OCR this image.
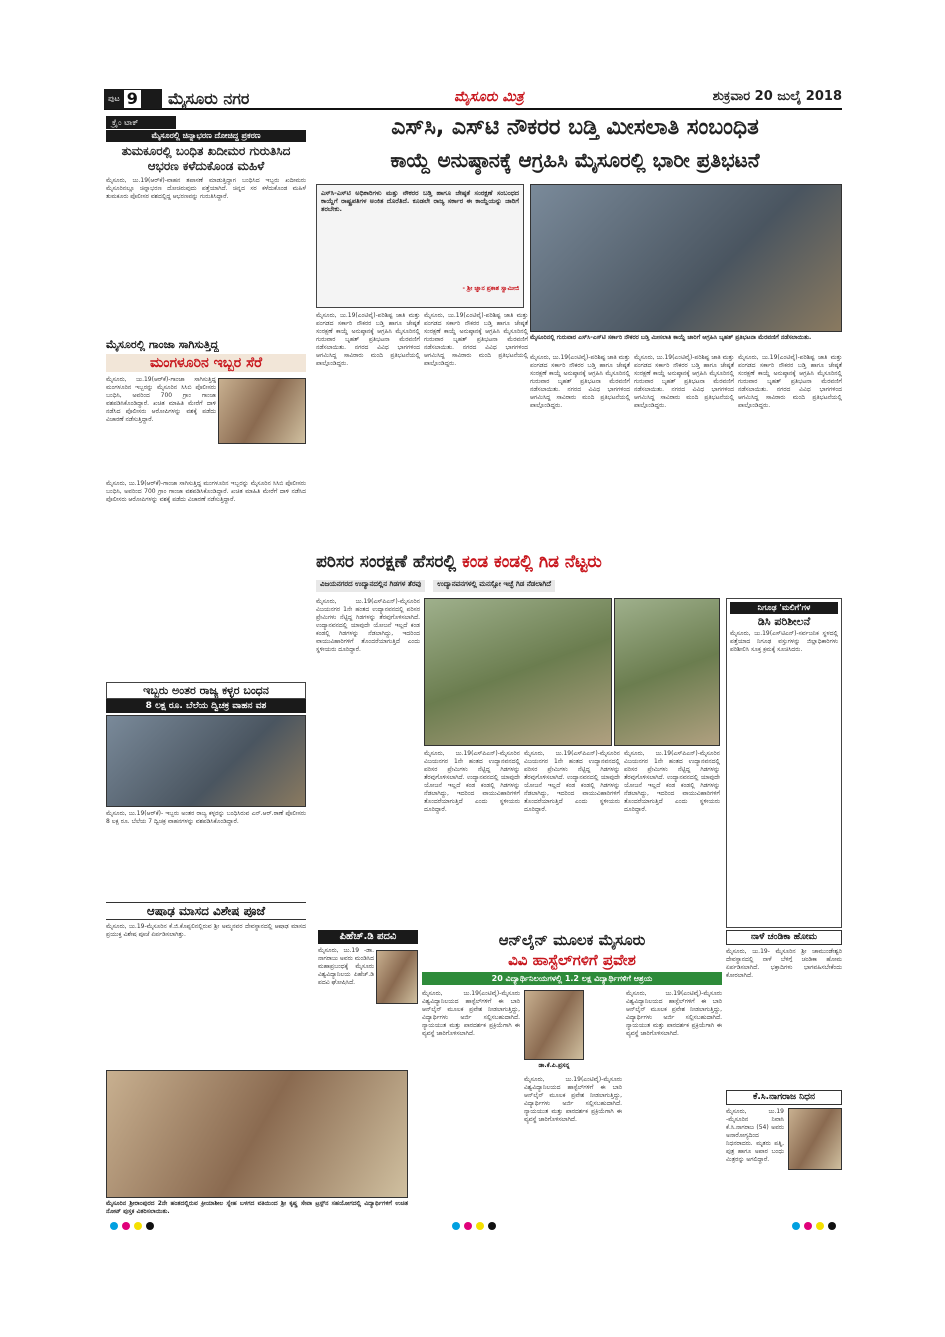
ಪುಟ 9 ಮೈಸೂರು ನಗರ	ಮೈಸೂರು ಮಿತ್ರ	ಶುಕ್ರವಾರ 20 ಜುಲೈ 2018
ಕ್ರೈಂ ಟಾಕ್
ಮೈಸೂರಲ್ಲಿ ಚಿನ್ನಾಭರಣ ದೋಚಿದ್ದ ಪ್ರಕರಣ
ತುಮಕೂರಲ್ಲಿ ಬಂಧಿತ ಖದೀಮರ ಗುರುತಿಸಿದ ಆಭರಣ ಕಳೆದುಕೊಂಡ ಮಹಿಳೆ
ಮೈಸೂರು, ಜು.19(ಆರ್‌ಕೆ)-ವಾಹನ ತಪಾಸಣೆ ಮಾಡುತ್ತಿದ್ದಾಗ ಬಂಧಿಸಿದ ಇಬ್ಬರು ಖದೀಮರು ಮೈಸೂರಿನಲ್ಲೂ ಚಿನ್ನಾಭರಣ ದೋಚಿರುವುದು ಪತ್ತೆಯಾಗಿದೆ. ಚಿನ್ನದ ಸರ ಕಳೆದುಕೊಂಡ ಮಹಿಳೆ ತುಮಕೂರು ಪೊಲೀಸರ ವಶದಲ್ಲಿದ್ದ ಆಭರಣವನ್ನು ಗುರುತಿಸಿದ್ದಾರೆ.
ಮೈಸೂರಲ್ಲಿ ಗಾಂಜಾ ಸಾಗಿಸುತ್ತಿದ್ದ
ಮಂಗಳೂರಿನ ಇಬ್ಬರ ಸೆರೆ
ಮೈಸೂರು, ಜು.19(ಆರ್‌ಕೆ)-ಗಾಂಜಾ ಸಾಗಿಸುತ್ತಿದ್ದ ಮಂಗಳೂರಿನ ಇಬ್ಬರನ್ನು ಮೈಸೂರಿನ ಸಿಸಿಬಿ ಪೊಲೀಸರು ಬಂಧಿಸಿ, ಅವರಿಂದ 700 ಗ್ರಾಂ ಗಾಂಜಾ ವಶಪಡಿಸಿಕೊಂಡಿದ್ದಾರೆ. ಖಚಿತ ಮಾಹಿತಿ ಮೇರೆಗೆ ದಾಳಿ ನಡೆಸಿದ ಪೊಲೀಸರು ಆರೋಪಿಗಳನ್ನು ವಶಕ್ಕೆ ಪಡೆದು ವಿಚಾರಣೆ ನಡೆಸುತ್ತಿದ್ದಾರೆ.
ಮೈಸೂರು, ಜು.19(ಆರ್‌ಕೆ)-ಗಾಂಜಾ ಸಾಗಿಸುತ್ತಿದ್ದ ಮಂಗಳೂರಿನ ಇಬ್ಬರನ್ನು ಮೈಸೂರಿನ ಸಿಸಿಬಿ ಪೊಲೀಸರು ಬಂಧಿಸಿ, ಅವರಿಂದ 700 ಗ್ರಾಂ ಗಾಂಜಾ ವಶಪಡಿಸಿಕೊಂಡಿದ್ದಾರೆ. ಖಚಿತ ಮಾಹಿತಿ ಮೇರೆಗೆ ದಾಳಿ ನಡೆಸಿದ ಪೊಲೀಸರು ಆರೋಪಿಗಳನ್ನು ವಶಕ್ಕೆ ಪಡೆದು ವಿಚಾರಣೆ ನಡೆಸುತ್ತಿದ್ದಾರೆ.
ಇಬ್ಬರು ಅಂತರ ರಾಜ್ಯ ಕಳ್ಳರ ಬಂಧನ
8 ಲಕ್ಷ ರೂ. ಬೆಲೆಯ ದ್ವಿಚಕ್ರ ವಾಹನ ವಶ
ಮೈಸೂರು, ಜು.19(ಆರ್‌ಕೆ)- ಇಬ್ಬರು ಅಂತರ ರಾಜ್ಯ ಕಳ್ಳರನ್ನು ಬಂಧಿಸಿರುವ ಎನ್.ಆರ್.ಠಾಣೆ ಪೊಲೀಸರು 8 ಲಕ್ಷ ರೂ. ಬೆಲೆಯ 7 ದ್ವಿಚಕ್ರ ವಾಹನಗಳನ್ನು ವಶಪಡಿಸಿಕೊಂಡಿದ್ದಾರೆ.
ಆಷಾಢ ಮಾಸದ ವಿಶೇಷ ಪೂಜೆ
ಮೈಸೂರು, ಜು.19-ಮೈಸೂರಿನ ಕೆ.ಜಿ.ಕೊಪ್ಪಲಿನಲ್ಲಿರುವ ಶ್ರೀ ಅಮ್ಮನವರ ದೇವಸ್ಥಾನದಲ್ಲಿ ಆಷಾಢ ಮಾಸದ ಪ್ರಯುಕ್ತ ವಿಶೇಷ ಪೂಜೆ ಏರ್ಪಡಿಸಲಾಗಿತ್ತು.
ಮೈಸೂರಿನ ಶ್ರೀರಾಂಪುರದ 2ನೇ ಹಂತದಲ್ಲಿರುವ ಕ್ರೀಯಾಶೀಲ ಸ್ನೇಹ ಬಳಗದ ವತಿಯಿಂದ ಶ್ರೀ ಕೃಷ್ಣ ಸೇವಾ ಟ್ರಸ್ಟ್‌ನ ಸಹಯೋಗದಲ್ಲಿ ವಿದ್ಯಾರ್ಥಿಗಳಿಗೆ ಉಚಿತ ನೋಟ್ ಪುಸ್ತಕ ವಿತರಿಸಲಾಯಿತು.
ಎಸ್‌ಸಿ, ಎಸ್‌ಟಿ ನೌಕರರ ಬಡ್ತಿ ಮೀಸಲಾತಿ ಸಂಬಂಧಿತ
ಕಾಯ್ದೆ ಅನುಷ್ಠಾನಕ್ಕೆ ಆಗ್ರಹಿಸಿ ಮೈಸೂರಲ್ಲಿ ಭಾರೀ ಪ್ರತಿಭಟನೆ
ಎಸ್‌ಸಿ-ಎಸ್‌ಟಿ ಅಧಿಕಾರಿಗಳು ಮತ್ತು ನೌಕರರ ಬಡ್ತಿ ಹಾಗೂ ಜೇಷ್ಠತೆ ಸಂರಕ್ಷಣೆ ಸಂಬಂಧದ ಕಾಯ್ದೆಗೆ ರಾಷ್ಟ್ರಪತಿಗಳ ಅಂಕಿತ ದೊರೆತಿದೆ. ಕೂಡಲೇ ರಾಜ್ಯ ಸರ್ಕಾರ ಈ ಕಾಯ್ದೆಯನ್ನು ಜಾರಿಗೆ ತರಬೇಕು.
- ಶ್ರೀ ಜ್ಞಾನ ಪ್ರಕಾಶ ಸ್ವಾಮೀಜಿ
ಮೈಸೂರಿನಲ್ಲಿ ಗುರುವಾರ ಎಸ್‌ಸಿ-ಎಸ್‌ಟಿ ಸರ್ಕಾರಿ ನೌಕರರ ಬಡ್ತಿ ಮೀಸಲಾತಿ ಕಾಯ್ದೆ ಜಾರಿಗೆ ಆಗ್ರಹಿಸಿ ಬೃಹತ್ ಪ್ರತಿಭಟನಾ ಮೆರವಣಿಗೆ ನಡೆಸಲಾಯಿತು.
ಮೈಸೂರು, ಜು.19(ಎಂಟಿವೈ)-ಪರಿಶಿಷ್ಟ ಜಾತಿ ಮತ್ತು ಪಂಗಡದ ಸರ್ಕಾರಿ ನೌಕರರ ಬಡ್ತಿ ಹಾಗೂ ಜೇಷ್ಠತೆ ಸಂರಕ್ಷಣೆ ಕಾಯ್ದೆ ಅನುಷ್ಠಾನಕ್ಕೆ ಆಗ್ರಹಿಸಿ ಮೈಸೂರಿನಲ್ಲಿ ಗುರುವಾರ ಬೃಹತ್ ಪ್ರತಿಭಟನಾ ಮೆರವಣಿಗೆ ನಡೆಸಲಾಯಿತು. ನಗರದ ವಿವಿಧ ಭಾಗಗಳಿಂದ ಆಗಮಿಸಿದ್ದ ಸಾವಿರಾರು ಮಂದಿ ಪ್ರತಿಭಟನೆಯಲ್ಲಿ ಪಾಲ್ಗೊಂಡಿದ್ದರು.
ಮೈಸೂರು, ಜು.19(ಎಂಟಿವೈ)-ಪರಿಶಿಷ್ಟ ಜಾತಿ ಮತ್ತು ಪಂಗಡದ ಸರ್ಕಾರಿ ನೌಕರರ ಬಡ್ತಿ ಹಾಗೂ ಜೇಷ್ಠತೆ ಸಂರಕ್ಷಣೆ ಕಾಯ್ದೆ ಅನುಷ್ಠಾನಕ್ಕೆ ಆಗ್ರಹಿಸಿ ಮೈಸೂರಿನಲ್ಲಿ ಗುರುವಾರ ಬೃಹತ್ ಪ್ರತಿಭಟನಾ ಮೆರವಣಿಗೆ ನಡೆಸಲಾಯಿತು. ನಗರದ ವಿವಿಧ ಭಾಗಗಳಿಂದ ಆಗಮಿಸಿದ್ದ ಸಾವಿರಾರು ಮಂದಿ ಪ್ರತಿಭಟನೆಯಲ್ಲಿ ಪಾಲ್ಗೊಂಡಿದ್ದರು.
ಮೈಸೂರು, ಜು.19(ಎಂಟಿವೈ)-ಪರಿಶಿಷ್ಟ ಜಾತಿ ಮತ್ತು ಪಂಗಡದ ಸರ್ಕಾರಿ ನೌಕರರ ಬಡ್ತಿ ಹಾಗೂ ಜೇಷ್ಠತೆ ಸಂರಕ್ಷಣೆ ಕಾಯ್ದೆ ಅನುಷ್ಠಾನಕ್ಕೆ ಆಗ್ರಹಿಸಿ ಮೈಸೂರಿನಲ್ಲಿ ಗುರುವಾರ ಬೃಹತ್ ಪ್ರತಿಭಟನಾ ಮೆರವಣಿಗೆ ನಡೆಸಲಾಯಿತು. ನಗರದ ವಿವಿಧ ಭಾಗಗಳಿಂದ ಆಗಮಿಸಿದ್ದ ಸಾವಿರಾರು ಮಂದಿ ಪ್ರತಿಭಟನೆಯಲ್ಲಿ ಪಾಲ್ಗೊಂಡಿದ್ದರು.
ಮೈಸೂರು, ಜು.19(ಎಂಟಿವೈ)-ಪರಿಶಿಷ್ಟ ಜಾತಿ ಮತ್ತು ಪಂಗಡದ ಸರ್ಕಾರಿ ನೌಕರರ ಬಡ್ತಿ ಹಾಗೂ ಜೇಷ್ಠತೆ ಸಂರಕ್ಷಣೆ ಕಾಯ್ದೆ ಅನುಷ್ಠಾನಕ್ಕೆ ಆಗ್ರಹಿಸಿ ಮೈಸೂರಿನಲ್ಲಿ ಗುರುವಾರ ಬೃಹತ್ ಪ್ರತಿಭಟನಾ ಮೆರವಣಿಗೆ ನಡೆಸಲಾಯಿತು. ನಗರದ ವಿವಿಧ ಭಾಗಗಳಿಂದ ಆಗಮಿಸಿದ್ದ ಸಾವಿರಾರು ಮಂದಿ ಪ್ರತಿಭಟನೆಯಲ್ಲಿ ಪಾಲ್ಗೊಂಡಿದ್ದರು.
ಮೈಸೂರು, ಜು.19(ಎಂಟಿವೈ)-ಪರಿಶಿಷ್ಟ ಜಾತಿ ಮತ್ತು ಪಂಗಡದ ಸರ್ಕಾರಿ ನೌಕರರ ಬಡ್ತಿ ಹಾಗೂ ಜೇಷ್ಠತೆ ಸಂರಕ್ಷಣೆ ಕಾಯ್ದೆ ಅನುಷ್ಠಾನಕ್ಕೆ ಆಗ್ರಹಿಸಿ ಮೈಸೂರಿನಲ್ಲಿ ಗುರುವಾರ ಬೃಹತ್ ಪ್ರತಿಭಟನಾ ಮೆರವಣಿಗೆ ನಡೆಸಲಾಯಿತು. ನಗರದ ವಿವಿಧ ಭಾಗಗಳಿಂದ ಆಗಮಿಸಿದ್ದ ಸಾವಿರಾರು ಮಂದಿ ಪ್ರತಿಭಟನೆಯಲ್ಲಿ ಪಾಲ್ಗೊಂಡಿದ್ದರು.
ಪರಿಸರ ಸಂರಕ್ಷಣೆ ಹೆಸರಲ್ಲಿ ಕಂಡ ಕಂಡಲ್ಲಿ ಗಿಡ ನೆಟ್ಟರು
ವಿಜಯನಗರದ ಉದ್ಯಾನದಲ್ಲಿನ ಗಿಡಗಳ ತೆರವು	ಉದ್ಯಾನವನಗಳಲ್ಲಿ ಮನಸ್ಸೋ ಇಚ್ಛೆ ಗಿಡ ನೆಡಲಾಗಿದೆ
ಮೈಸೂರು, ಜು.19(ಎಸ್‌ಪಿಎನ್)-ಮೈಸೂರಿನ ವಿಜಯನಗರ 1ನೇ ಹಂತದ ಉದ್ಯಾನವನದಲ್ಲಿ ಪರಿಸರ ಪ್ರೇಮಿಗಳು ನೆಟ್ಟಿದ್ದ ಗಿಡಗಳನ್ನು ತೆರವುಗೊಳಿಸಲಾಗಿದೆ. ಉದ್ಯಾನವನದಲ್ಲಿ ಯಾವುದೇ ಯೋಜನೆ ಇಲ್ಲದೆ ಕಂಡ ಕಂಡಲ್ಲಿ ಗಿಡಗಳನ್ನು ನೆಡಲಾಗಿದ್ದು, ಇದರಿಂದ ವಾಯುವಿಹಾರಿಗಳಿಗೆ ತೊಂದರೆಯಾಗುತ್ತಿದೆ ಎಂದು ಸ್ಥಳೀಯರು ದೂರಿದ್ದಾರೆ.
ಮೈಸೂರು, ಜು.19(ಎಸ್‌ಪಿಎನ್)-ಮೈಸೂರಿನ ವಿಜಯನಗರ 1ನೇ ಹಂತದ ಉದ್ಯಾನವನದಲ್ಲಿ ಪರಿಸರ ಪ್ರೇಮಿಗಳು ನೆಟ್ಟಿದ್ದ ಗಿಡಗಳನ್ನು ತೆರವುಗೊಳಿಸಲಾಗಿದೆ. ಉದ್ಯಾನವನದಲ್ಲಿ ಯಾವುದೇ ಯೋಜನೆ ಇಲ್ಲದೆ ಕಂಡ ಕಂಡಲ್ಲಿ ಗಿಡಗಳನ್ನು ನೆಡಲಾಗಿದ್ದು, ಇದರಿಂದ ವಾಯುವಿಹಾರಿಗಳಿಗೆ ತೊಂದರೆಯಾಗುತ್ತಿದೆ ಎಂದು ಸ್ಥಳೀಯರು ದೂರಿದ್ದಾರೆ.
ಮೈಸೂರು, ಜು.19(ಎಸ್‌ಪಿಎನ್)-ಮೈಸೂರಿನ ವಿಜಯನಗರ 1ನೇ ಹಂತದ ಉದ್ಯಾನವನದಲ್ಲಿ ಪರಿಸರ ಪ್ರೇಮಿಗಳು ನೆಟ್ಟಿದ್ದ ಗಿಡಗಳನ್ನು ತೆರವುಗೊಳಿಸಲಾಗಿದೆ. ಉದ್ಯಾನವನದಲ್ಲಿ ಯಾವುದೇ ಯೋಜನೆ ಇಲ್ಲದೆ ಕಂಡ ಕಂಡಲ್ಲಿ ಗಿಡಗಳನ್ನು ನೆಡಲಾಗಿದ್ದು, ಇದರಿಂದ ವಾಯುವಿಹಾರಿಗಳಿಗೆ ತೊಂದರೆಯಾಗುತ್ತಿದೆ ಎಂದು ಸ್ಥಳೀಯರು ದೂರಿದ್ದಾರೆ.
ಮೈಸೂರು, ಜು.19(ಎಸ್‌ಪಿಎನ್)-ಮೈಸೂರಿನ ವಿಜಯನಗರ 1ನೇ ಹಂತದ ಉದ್ಯಾನವನದಲ್ಲಿ ಪರಿಸರ ಪ್ರೇಮಿಗಳು ನೆಟ್ಟಿದ್ದ ಗಿಡಗಳನ್ನು ತೆರವುಗೊಳಿಸಲಾಗಿದೆ. ಉದ್ಯಾನವನದಲ್ಲಿ ಯಾವುದೇ ಯೋಜನೆ ಇಲ್ಲದೆ ಕಂಡ ಕಂಡಲ್ಲಿ ಗಿಡಗಳನ್ನು ನೆಡಲಾಗಿದ್ದು, ಇದರಿಂದ ವಾಯುವಿಹಾರಿಗಳಿಗೆ ತೊಂದರೆಯಾಗುತ್ತಿದೆ ಎಂದು ಸ್ಥಳೀಯರು ದೂರಿದ್ದಾರೆ.
ನಿಗೂಢ 'ಮಲಿಗೆ'ಗಳ
ಡಿಸಿ ಪರಿಶೀಲನೆ
ಮೈಸೂರು, ಜು.19(ಎಸ್‌ಟಿಎನ್)-ಸರ್ವಜನಿಕ ಸ್ಥಳದಲ್ಲಿ ಪತ್ತೆಯಾದ ನಿಗೂಢ ವಸ್ತುಗಳನ್ನು ಜಿಲ್ಲಾಧಿಕಾರಿಗಳು ಪರಿಶೀಲಿಸಿ ಸೂಕ್ತ ಕ್ರಮಕ್ಕೆ ಸೂಚಿಸಿದರು.
ಪಿಹೆಚ್.ಡಿ ಪದವಿ
ಮೈಸೂರು, ಜು.19 -ಡಾ. ನಾಗರಾಜು ಅವರು ಮಂಡಿಸಿದ ಮಹಾಪ್ರಬಂಧಕ್ಕೆ ಮೈಸೂರು ವಿಶ್ವವಿದ್ಯಾನಿಲಯ ಪಿಹೆಚ್.ಡಿ ಪದವಿ ಘೋಷಿಸಿದೆ.
ಆನ್‌ಲೈನ್ ಮೂಲಕ ಮೈಸೂರು
ವಿವಿ ಹಾಸ್ಟೆಲ್‌ಗಳಿಗೆ ಪ್ರವೇಶ
20 ವಿದ್ಯಾರ್ಥಿನಿಲಯಗಳಲ್ಲಿ 1.2 ಲಕ್ಷ ವಿದ್ಯಾರ್ಥಿಗಳಿಗೆ ಆಶ್ರಯ
ಮೈಸೂರು, ಜು.19(ಎಂಟಿವೈ)-ಮೈಸೂರು ವಿಶ್ವವಿದ್ಯಾನಿಲಯದ ಹಾಸ್ಟೆಲ್‌ಗಳಿಗೆ ಈ ಬಾರಿ ಆನ್‌ಲೈನ್ ಮೂಲಕ ಪ್ರವೇಶ ನೀಡಲಾಗುತ್ತಿದ್ದು, ವಿದ್ಯಾರ್ಥಿಗಳು ಅರ್ಜಿ ಸಲ್ಲಿಸಬಹುದಾಗಿದೆ. ನ್ಯಾಯಯುತ ಮತ್ತು ಪಾರದರ್ಶಕ ಪ್ರಕ್ರಿಯೆಗಾಗಿ ಈ ವ್ಯವಸ್ಥೆ ಜಾರಿಗೊಳಿಸಲಾಗಿದೆ.
ಡಾ.ಕೆ.ಪಿ.ಪ್ರಸನ್ನ
ಮೈಸೂರು, ಜು.19(ಎಂಟಿವೈ)-ಮೈಸೂರು ವಿಶ್ವವಿದ್ಯಾನಿಲಯದ ಹಾಸ್ಟೆಲ್‌ಗಳಿಗೆ ಈ ಬಾರಿ ಆನ್‌ಲೈನ್ ಮೂಲಕ ಪ್ರವೇಶ ನೀಡಲಾಗುತ್ತಿದ್ದು, ವಿದ್ಯಾರ್ಥಿಗಳು ಅರ್ಜಿ ಸಲ್ಲಿಸಬಹುದಾಗಿದೆ. ನ್ಯಾಯಯುತ ಮತ್ತು ಪಾರದರ್ಶಕ ಪ್ರಕ್ರಿಯೆಗಾಗಿ ಈ ವ್ಯವಸ್ಥೆ ಜಾರಿಗೊಳಿಸಲಾಗಿದೆ.
ಮೈಸೂರು, ಜು.19(ಎಂಟಿವೈ)-ಮೈಸೂರು ವಿಶ್ವವಿದ್ಯಾನಿಲಯದ ಹಾಸ್ಟೆಲ್‌ಗಳಿಗೆ ಈ ಬಾರಿ ಆನ್‌ಲೈನ್ ಮೂಲಕ ಪ್ರವೇಶ ನೀಡಲಾಗುತ್ತಿದ್ದು, ವಿದ್ಯಾರ್ಥಿಗಳು ಅರ್ಜಿ ಸಲ್ಲಿಸಬಹುದಾಗಿದೆ. ನ್ಯಾಯಯುತ ಮತ್ತು ಪಾರದರ್ಶಕ ಪ್ರಕ್ರಿಯೆಗಾಗಿ ಈ ವ್ಯವಸ್ಥೆ ಜಾರಿಗೊಳಿಸಲಾಗಿದೆ.
ನಾಳೆ ಚಂಡಿಕಾ ಹೋಮ
ಮೈಸೂರು, ಜು.19- ಮೈಸೂರಿನ ಶ್ರೀ ಚಾಮುಂಡೇಶ್ವರಿ ದೇವಸ್ಥಾನದಲ್ಲಿ ನಾಳೆ ಬೆಳಿಗ್ಗೆ ಚಂಡಿಕಾ ಹೋಮ ಏರ್ಪಡಿಸಲಾಗಿದೆ. ಭಕ್ತಾದಿಗಳು ಭಾಗವಹಿಸಬೇಕೆಂದು ಕೋರಲಾಗಿದೆ.
ಕೆ.ಸಿ.ನಾಗರಾಜ ನಿಧನ
ಮೈಸೂರು, ಜು.19 -ಮೈಸೂರಿನ ನಿವಾಸಿ ಕೆ.ಸಿ.ನಾಗರಾಜ (54) ಅವರು ಅನಾರೋಗ್ಯದಿಂದ ನಿಧನರಾದರು. ಮೃತರು ಪತ್ನಿ, ಪುತ್ರ ಹಾಗೂ ಅಪಾರ ಬಂಧು ಮಿತ್ರರನ್ನು ಅಗಲಿದ್ದಾರೆ.
